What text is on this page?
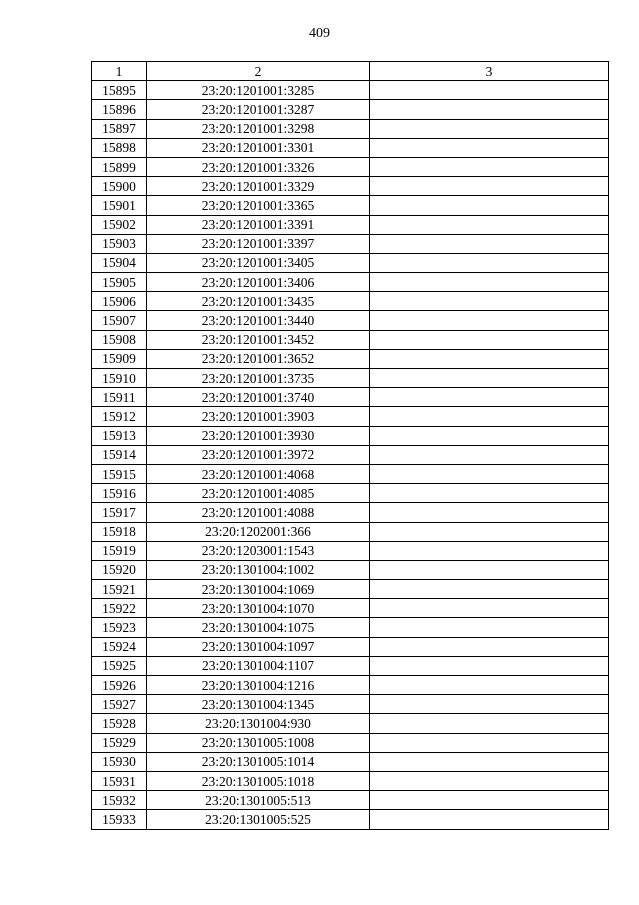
409
1	2	3
15895	23:20:1201001:3285	
15896	23:20:1201001:3287	
15897	23:20:1201001:3298	
15898	23:20:1201001:3301	
15899	23:20:1201001:3326	
15900	23:20:1201001:3329	
15901	23:20:1201001:3365	
15902	23:20:1201001:3391	
15903	23:20:1201001:3397	
15904	23:20:1201001:3405	
15905	23:20:1201001:3406	
15906	23:20:1201001:3435	
15907	23:20:1201001:3440	
15908	23:20:1201001:3452	
15909	23:20:1201001:3652	
15910	23:20:1201001:3735	
15911	23:20:1201001:3740	
15912	23:20:1201001:3903	
15913	23:20:1201001:3930	
15914	23:20:1201001:3972	
15915	23:20:1201001:4068	
15916	23:20:1201001:4085	
15917	23:20:1201001:4088	
15918	23:20:1202001:366	
15919	23:20:1203001:1543	
15920	23:20:1301004:1002	
15921	23:20:1301004:1069	
15922	23:20:1301004:1070	
15923	23:20:1301004:1075	
15924	23:20:1301004:1097	
15925	23:20:1301004:1107	
15926	23:20:1301004:1216	
15927	23:20:1301004:1345	
15928	23:20:1301004:930	
15929	23:20:1301005:1008	
15930	23:20:1301005:1014	
15931	23:20:1301005:1018	
15932	23:20:1301005:513	
15933	23:20:1301005:525	
